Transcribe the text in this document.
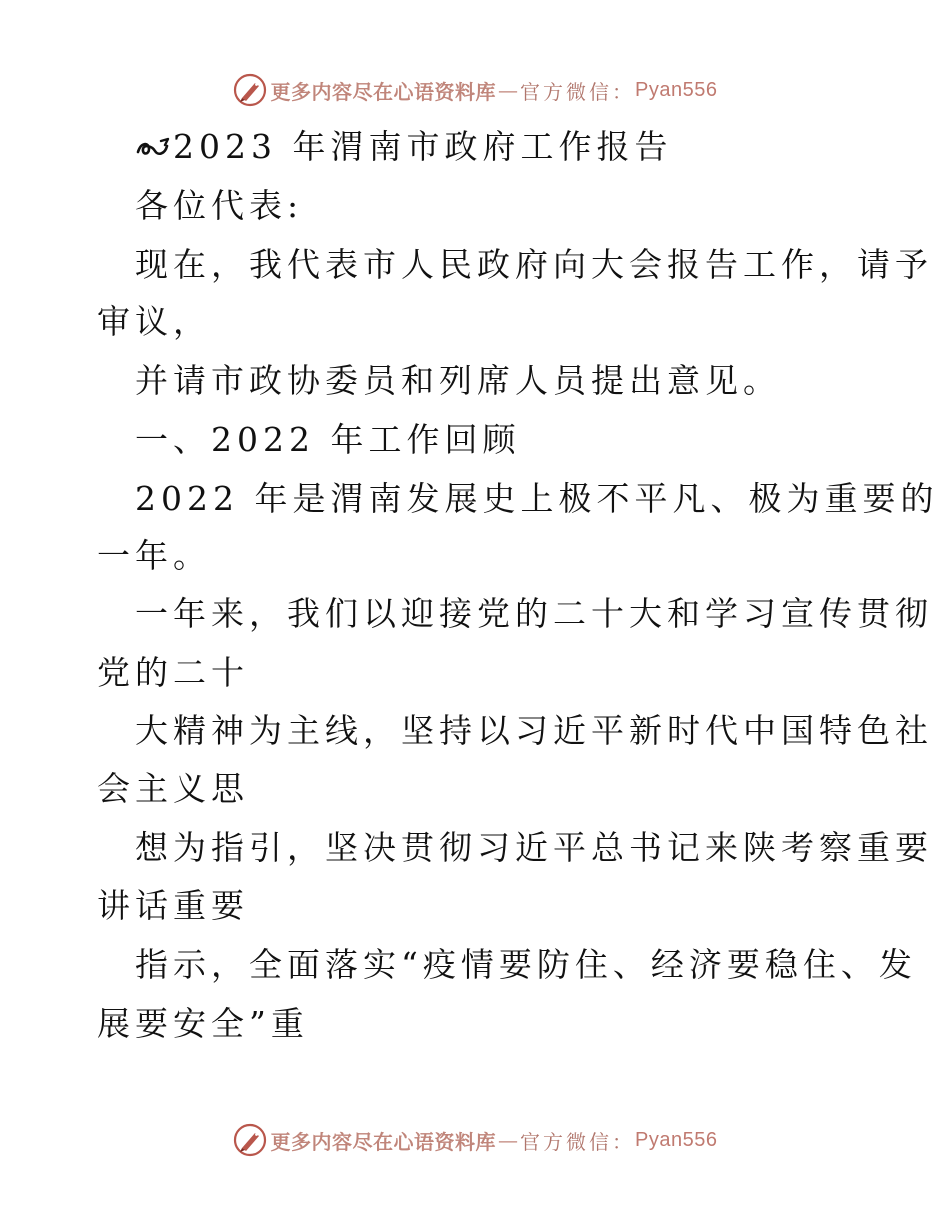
更多内容尽在心语资料库 — 官方微信： Pyan556
2023 年渭南市政府工作报告
各位代表:
现在，我代表市人民政府向大会报告工作，请予
审议，
并请市政协委员和列席人员提出意见。
一、2022 年工作回顾
2022 年是渭南发展史上极不平凡、极为重要的
一年。
一年来，我们以迎接党的二十大和学习宣传贯彻
党的二十
大精神为主线，坚持以习近平新时代中国特色社
会主义思
想为指引，坚决贯彻习近平总书记来陕考察重要
讲话重要
指示，全面落实“疫情要防住、经济要稳住、发
展要安全”重
更多内容尽在心语资料库 — 官方微信： Pyan556
